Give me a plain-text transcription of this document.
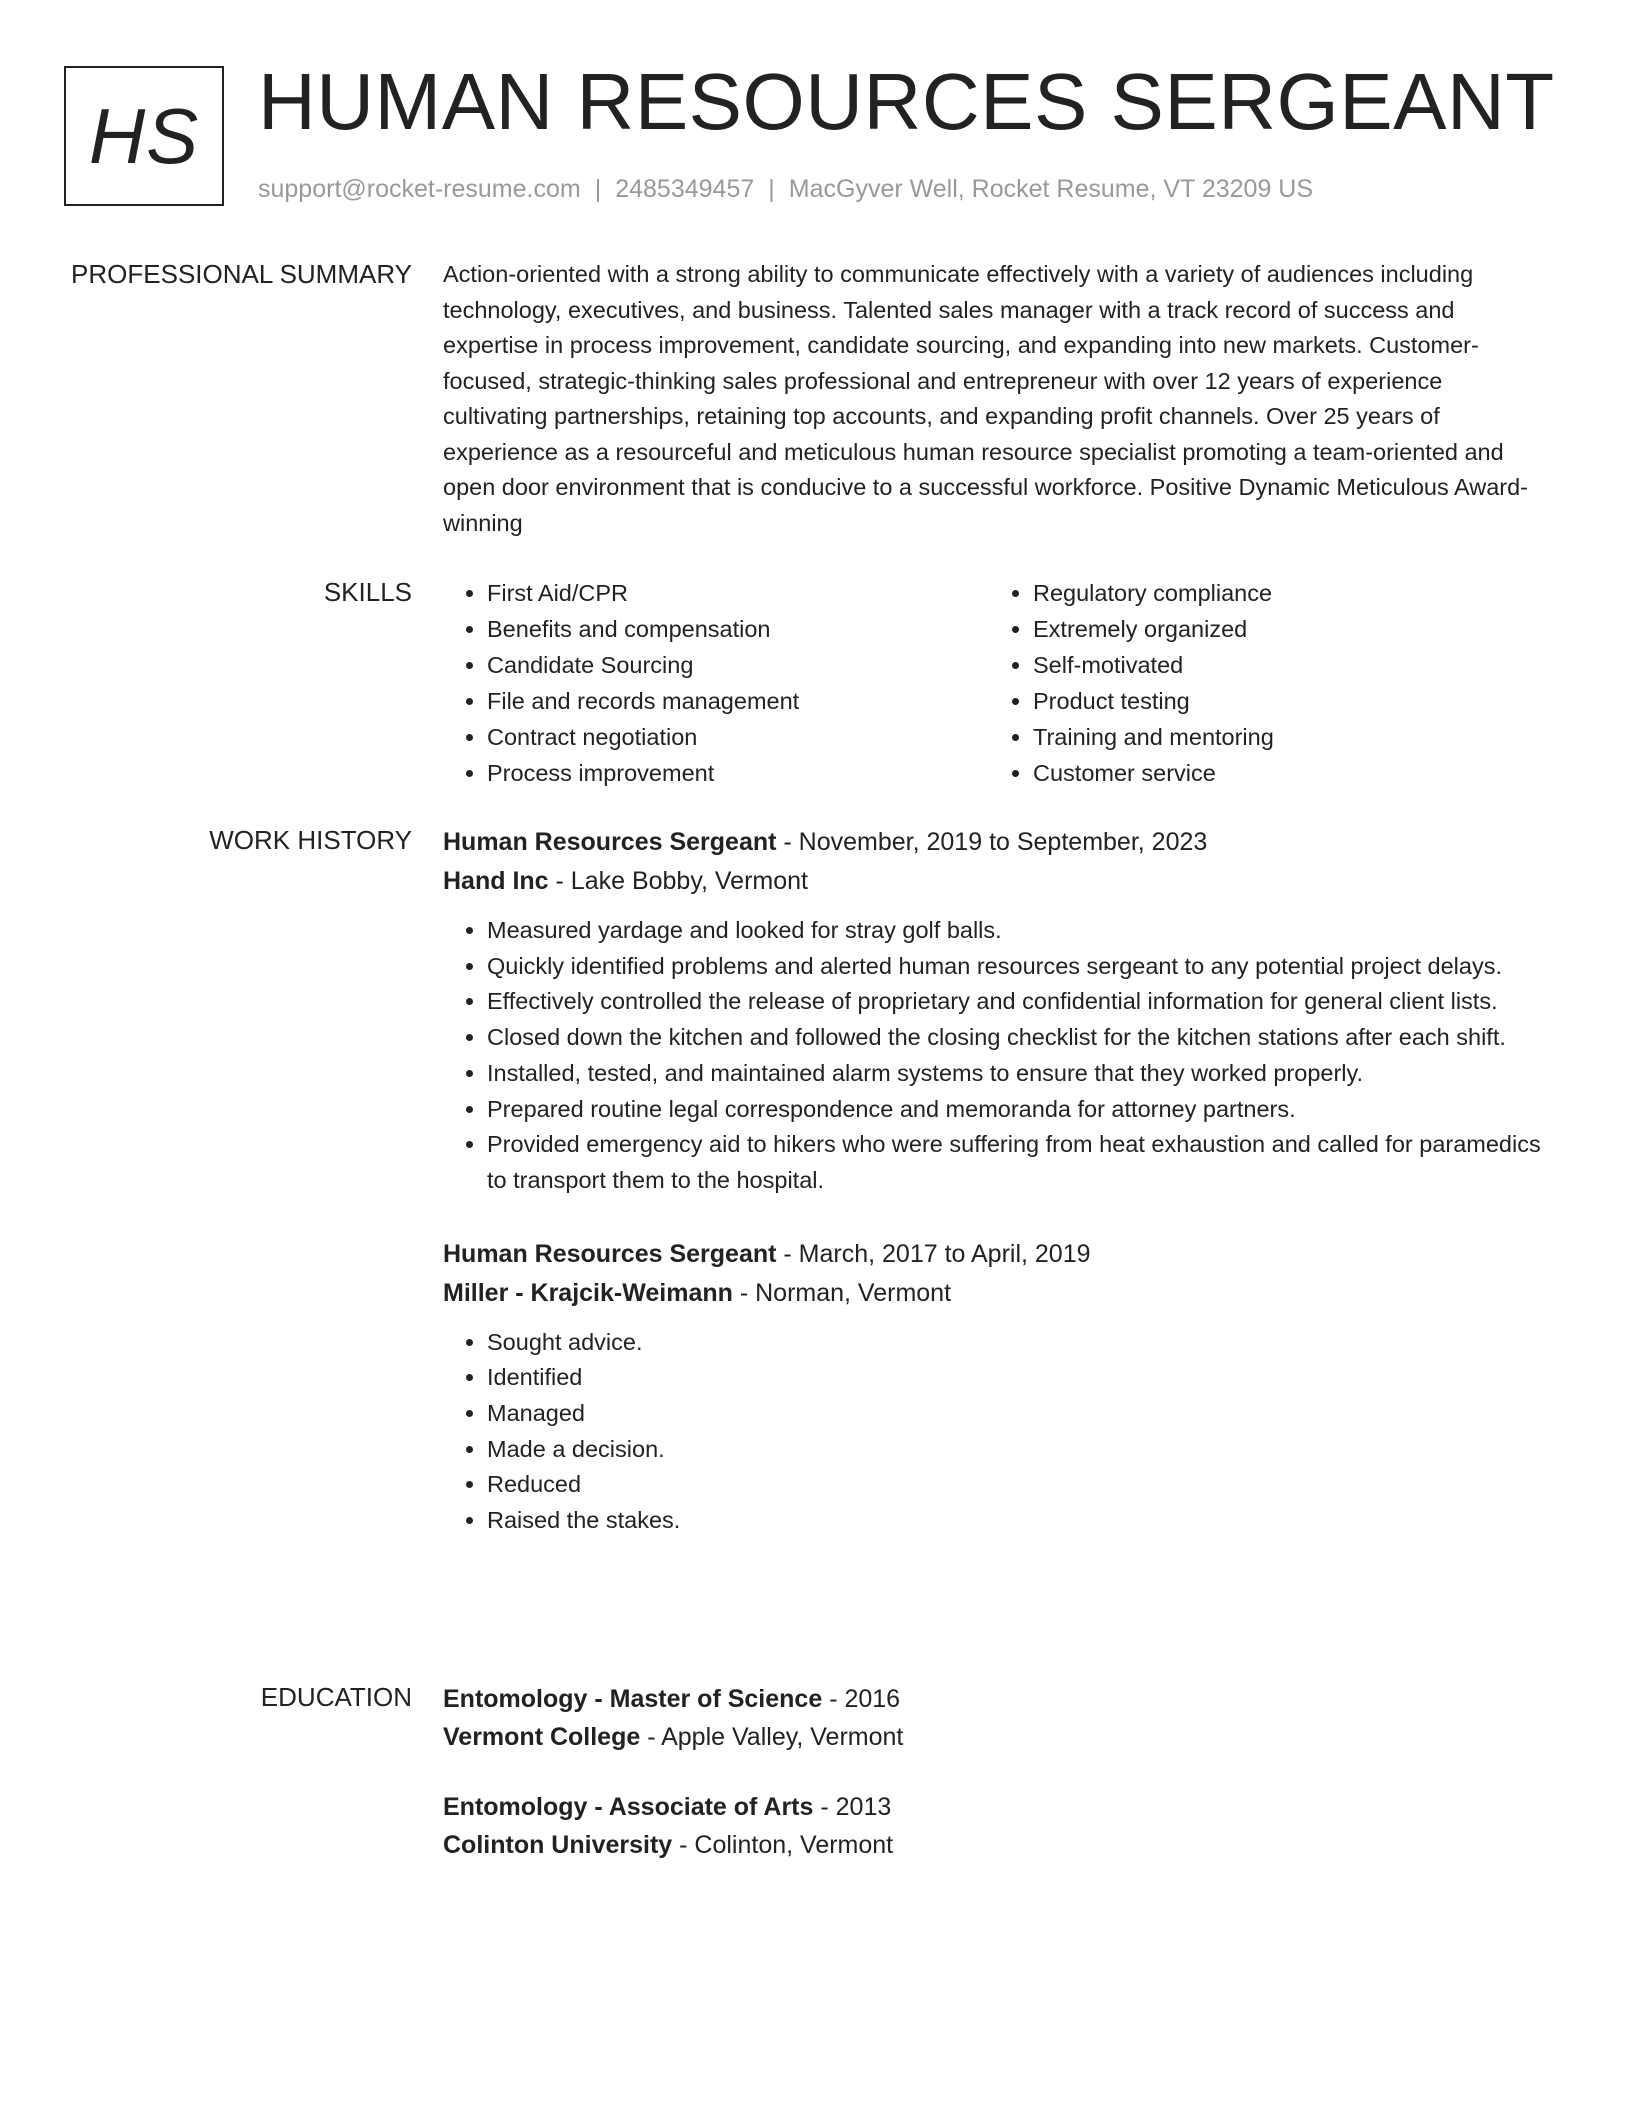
HS HUMAN RESOURCES SERGEANT
support@rocket-resume.com | 2485349457 | MacGyver Well, Rocket Resume, VT 23209 US
PROFESSIONAL SUMMARY Action-oriented with a strong ability to communicate effectively with a variety of audiences including technology, executives, and business. Talented sales manager with a track record of success and expertise in process improvement, candidate sourcing, and expanding into new markets. Customer-focused, strategic-thinking sales professional and entrepreneur with over 12 years of experience cultivating partnerships, retaining top accounts, and expanding profit channels. Over 25 years of experience as a resourceful and meticulous human resource specialist promoting a team-oriented and open door environment that is conducive to a successful workforce. Positive Dynamic Meticulous Award-winning

SKILLS
•	First Aid/CPR
• Benefits and compensation
• Candidate Sourcing
• File and records management
• Contract negotiation
• Process improvement
• Regulatory compliance
• Extremely organized
• Self-motivated
• Product testing
• Training and mentoring
• Customer service
WORK HISTORY Human Resources Sergeant - November, 2019 to September, 2023
Hand Inc - Lake Bobby, Vermont
• Measured yardage and looked for stray golf balls.
• Quickly identified problems and alerted human resources sergeant to any potential project delays.
• Effectively controlled the release of proprietary and confidential information for general client lists.
• Closed down the kitchen and followed the closing checklist for the kitchen stations after each shift.
• Installed, tested, and maintained alarm systems to ensure that they worked properly.
• Prepared routine legal correspondence and memoranda for attorney partners.
• Provided emergency aid to hikers who were suffering from heat exhaustion and called for paramedics to transport them to the hospital.
Human Resources Sergeant - March, 2017 to April, 2019
Miller - Krajcik-Weimann - Norman, Vermont
• Sought advice.
• Identified
• Managed
• Made a decision.
• Reduced
• Raised the stakes.
EDUCATION Entomology - Master of Science - 2016
Vermont College - Apple Valley, Vermont
Entomology - Associate of Arts - 2013
Colinton University - Colinton, Vermont
